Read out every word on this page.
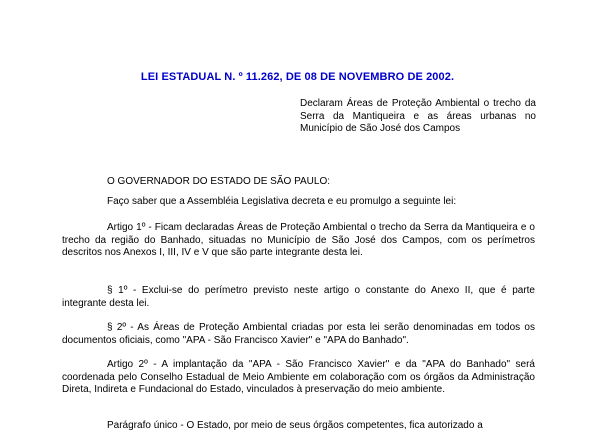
LEI ESTADUAL N. º 11.262, DE 08 DE NOVEMBRO DE 2002.
Declaram Áreas de Proteção Ambiental o trecho da Serra da Mantiqueira e as áreas urbanas no Município de São José dos Campos
O GOVERNADOR DO ESTADO DE SÃO PAULO:

Faço saber que a Assembléia Legislativa decreta e eu promulgo a seguinte lei:

Artigo 1º - Ficam declaradas Áreas de Proteção Ambiental o trecho da Serra da Mantiqueira e o trecho da região do Banhado, situadas no Município de São José dos Campos, com os perímetros descritos nos Anexos I, III, IV e V que são parte integrante desta lei.

§ 1º - Exclui-se do perímetro previsto neste artigo o constante do Anexo II, que é parte integrante desta lei.

§ 2º - As Áreas de Proteção Ambiental criadas por esta lei serão denominadas em todos os documentos oficiais, como "APA - São Francisco Xavier" e "APA do Banhado".

Artigo 2º - A implantação da "APA - São Francisco Xavier" e da "APA do Banhado" será coordenada pelo Conselho Estadual de Meio Ambiente em colaboração com os órgãos da Administração Direta, Indireta e Fundacional do Estado, vinculados à preservação do meio ambiente.

Parágrafo único - O Estado, por meio de seus órgãos competentes, fica autorizado a
